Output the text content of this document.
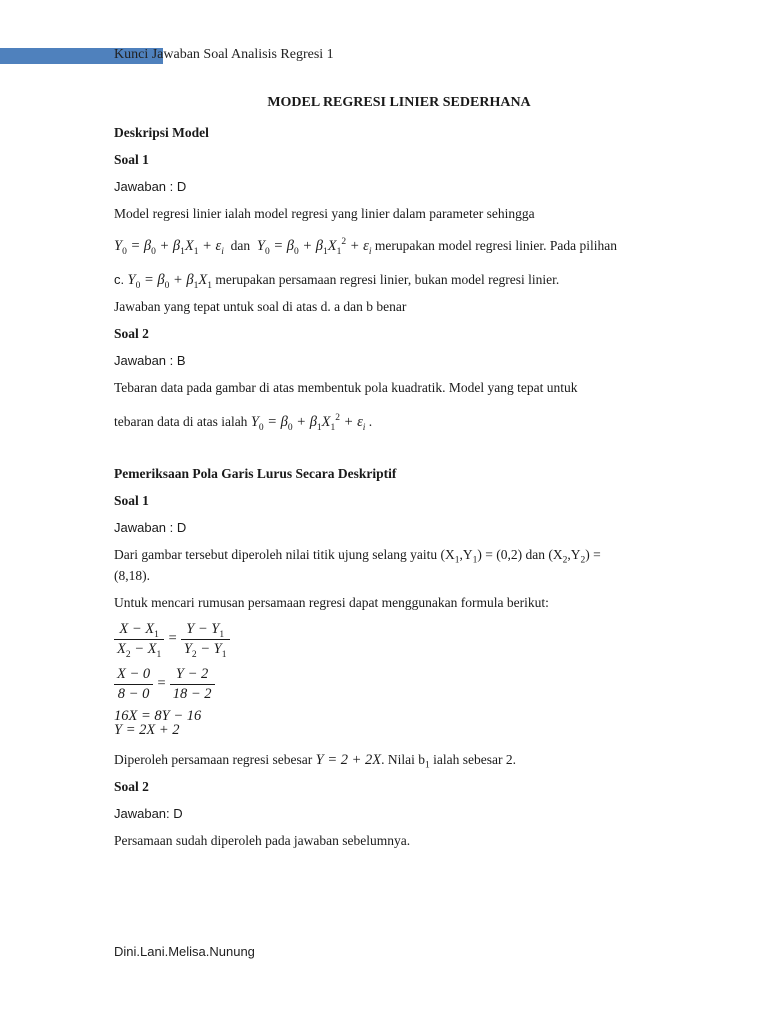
Kunci Jawaban Soal Analisis Regresi 1

MODEL REGRESI LINIER SEDERHANA

Deskripsi Model

Soal 1

Jawaban : D

Model regresi linier ialah model regresi yang linier dalam parameter sehingga

$Y_0 = \beta_0 + \beta_1X_1 + \varepsilon_i$ dan $Y_0 = \beta_0 + \beta_1X_1^2 + \varepsilon_i$ merupakan model regresi linier. Pada pilihan

c. $Y_0 = \beta_0 + \beta_1X_1$ merupakan persamaan regresi linier, bukan model regresi linier.

Jawaban yang tepat untuk soal di atas d. a dan b benar

Soal 2

Jawaban : B

Tebaran data pada gambar di atas membentuk pola kuadratik. Model yang tepat untuk

tebaran data di atas ialah $Y_0 = \beta_0 + \beta_1X_1^2 + \varepsilon_i$ .

Pemeriksaan Pola Garis Lurus Secara Deskriptif

Soal 1

Jawaban : D

Dari gambar tersebut diperoleh nilai titik ujung selang yaitu $(X_1,Y_1) = (0,2)$ dan $(X_2,Y_2)$ =

(8,18).

Untuk mencari rumusan persamaan regresi dapat menggunakan formula berikut:

$\frac{X - X_1}{X_2 - X_1} = \frac{Y - Y_1}{Y_2 - Y_1}$
$\frac{X - 0}{8 - 0} = \frac{Y - 2}{18 - 2}$
16X = 8Y − 16
Y = 2X + 2

Diperoleh persamaan regresi sebesar Y = 2 + 2X. Nilai $b_1$ ialah sebesar 2.

Soal 2

Jawaban: D

Persamaan sudah diperoleh pada jawaban sebelumnya.

Dini.Lani.Melisa.Nunung
